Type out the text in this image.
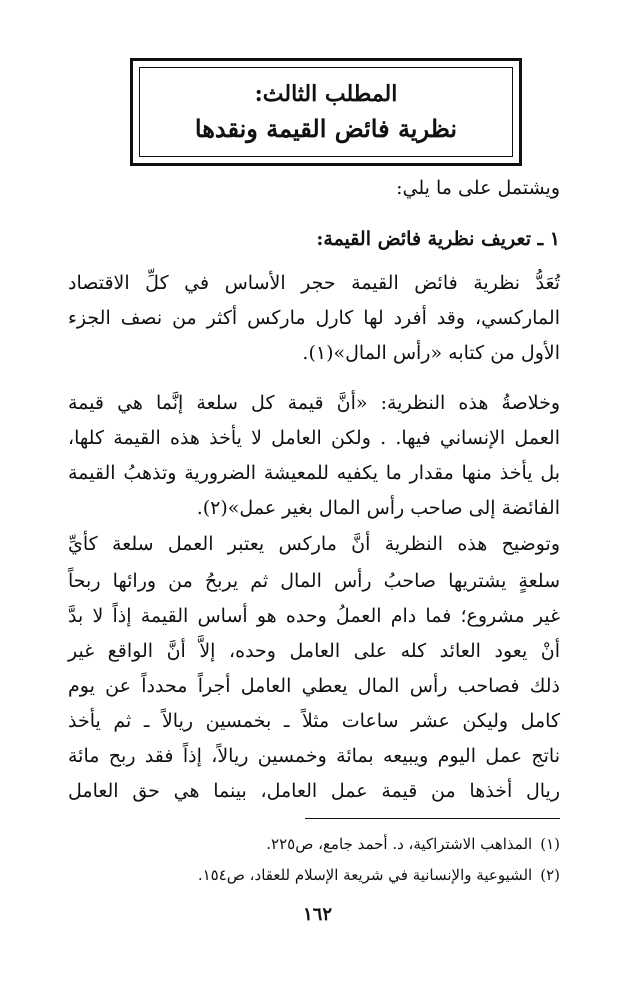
المطلب الثالث:
نظرية فائض القيمة ونقدها
ويشتمل على ما يلي:
١ ـ تعريف نظرية فائض القيمة:
تُعَدُّ نظرية فائض القيمة حجر الأساس في كلِّ الاقتصاد
الماركسي، وقد أفرد لها كارل ماركس أكثر من نصف الجزء
الأول من كتابه «رأس المال»(١).
وخلاصةُ هذه النظرية: «أنَّ قيمة كل سلعة إنَّما هي قيمة
العمل الإنساني فيها. . ولكن العامل لا يأخذ هذه القيمة كلها،
بل يأخذ منها مقدار ما يكفيه للمعيشة الضرورية وتذهبُ القيمة
الفائضة إلى صاحب رأس المال بغير عمل»(٢).
وتوضيح هذه النظرية أنَّ ماركس يعتبر العمل سلعة كأيِّ
سلعةٍ يشتريها صاحبُ رأس المال ثم يربحُ من ورائها ربحاً
غير مشروع؛ فما دام العملُ وحده هو أساس القيمة إذاً لا بدَّ
أنْ يعود العائد كله على العامل وحده، إلاَّ أنَّ الواقع غير
ذلك فصاحب رأس المال يعطي العامل أجراً محدداً عن يوم
كامل وليكن عشر ساعات مثلاً ـ بخمسين ريالاً ـ ثم يأخذ
ناتج عمل اليوم ويبيعه بمائة وخمسين ريالاً، إذاً فقد ربح مائة
ريال أخذها من قيمة عمل العامل، بينما هي حق العامل
(١)المذاهب الاشتراكية، د. أحمد جامع، ص٢٢٥.
(٢)الشيوعية والإنسانية في شريعة الإسلام للعقاد، ص١٥٤.
١٦٢
